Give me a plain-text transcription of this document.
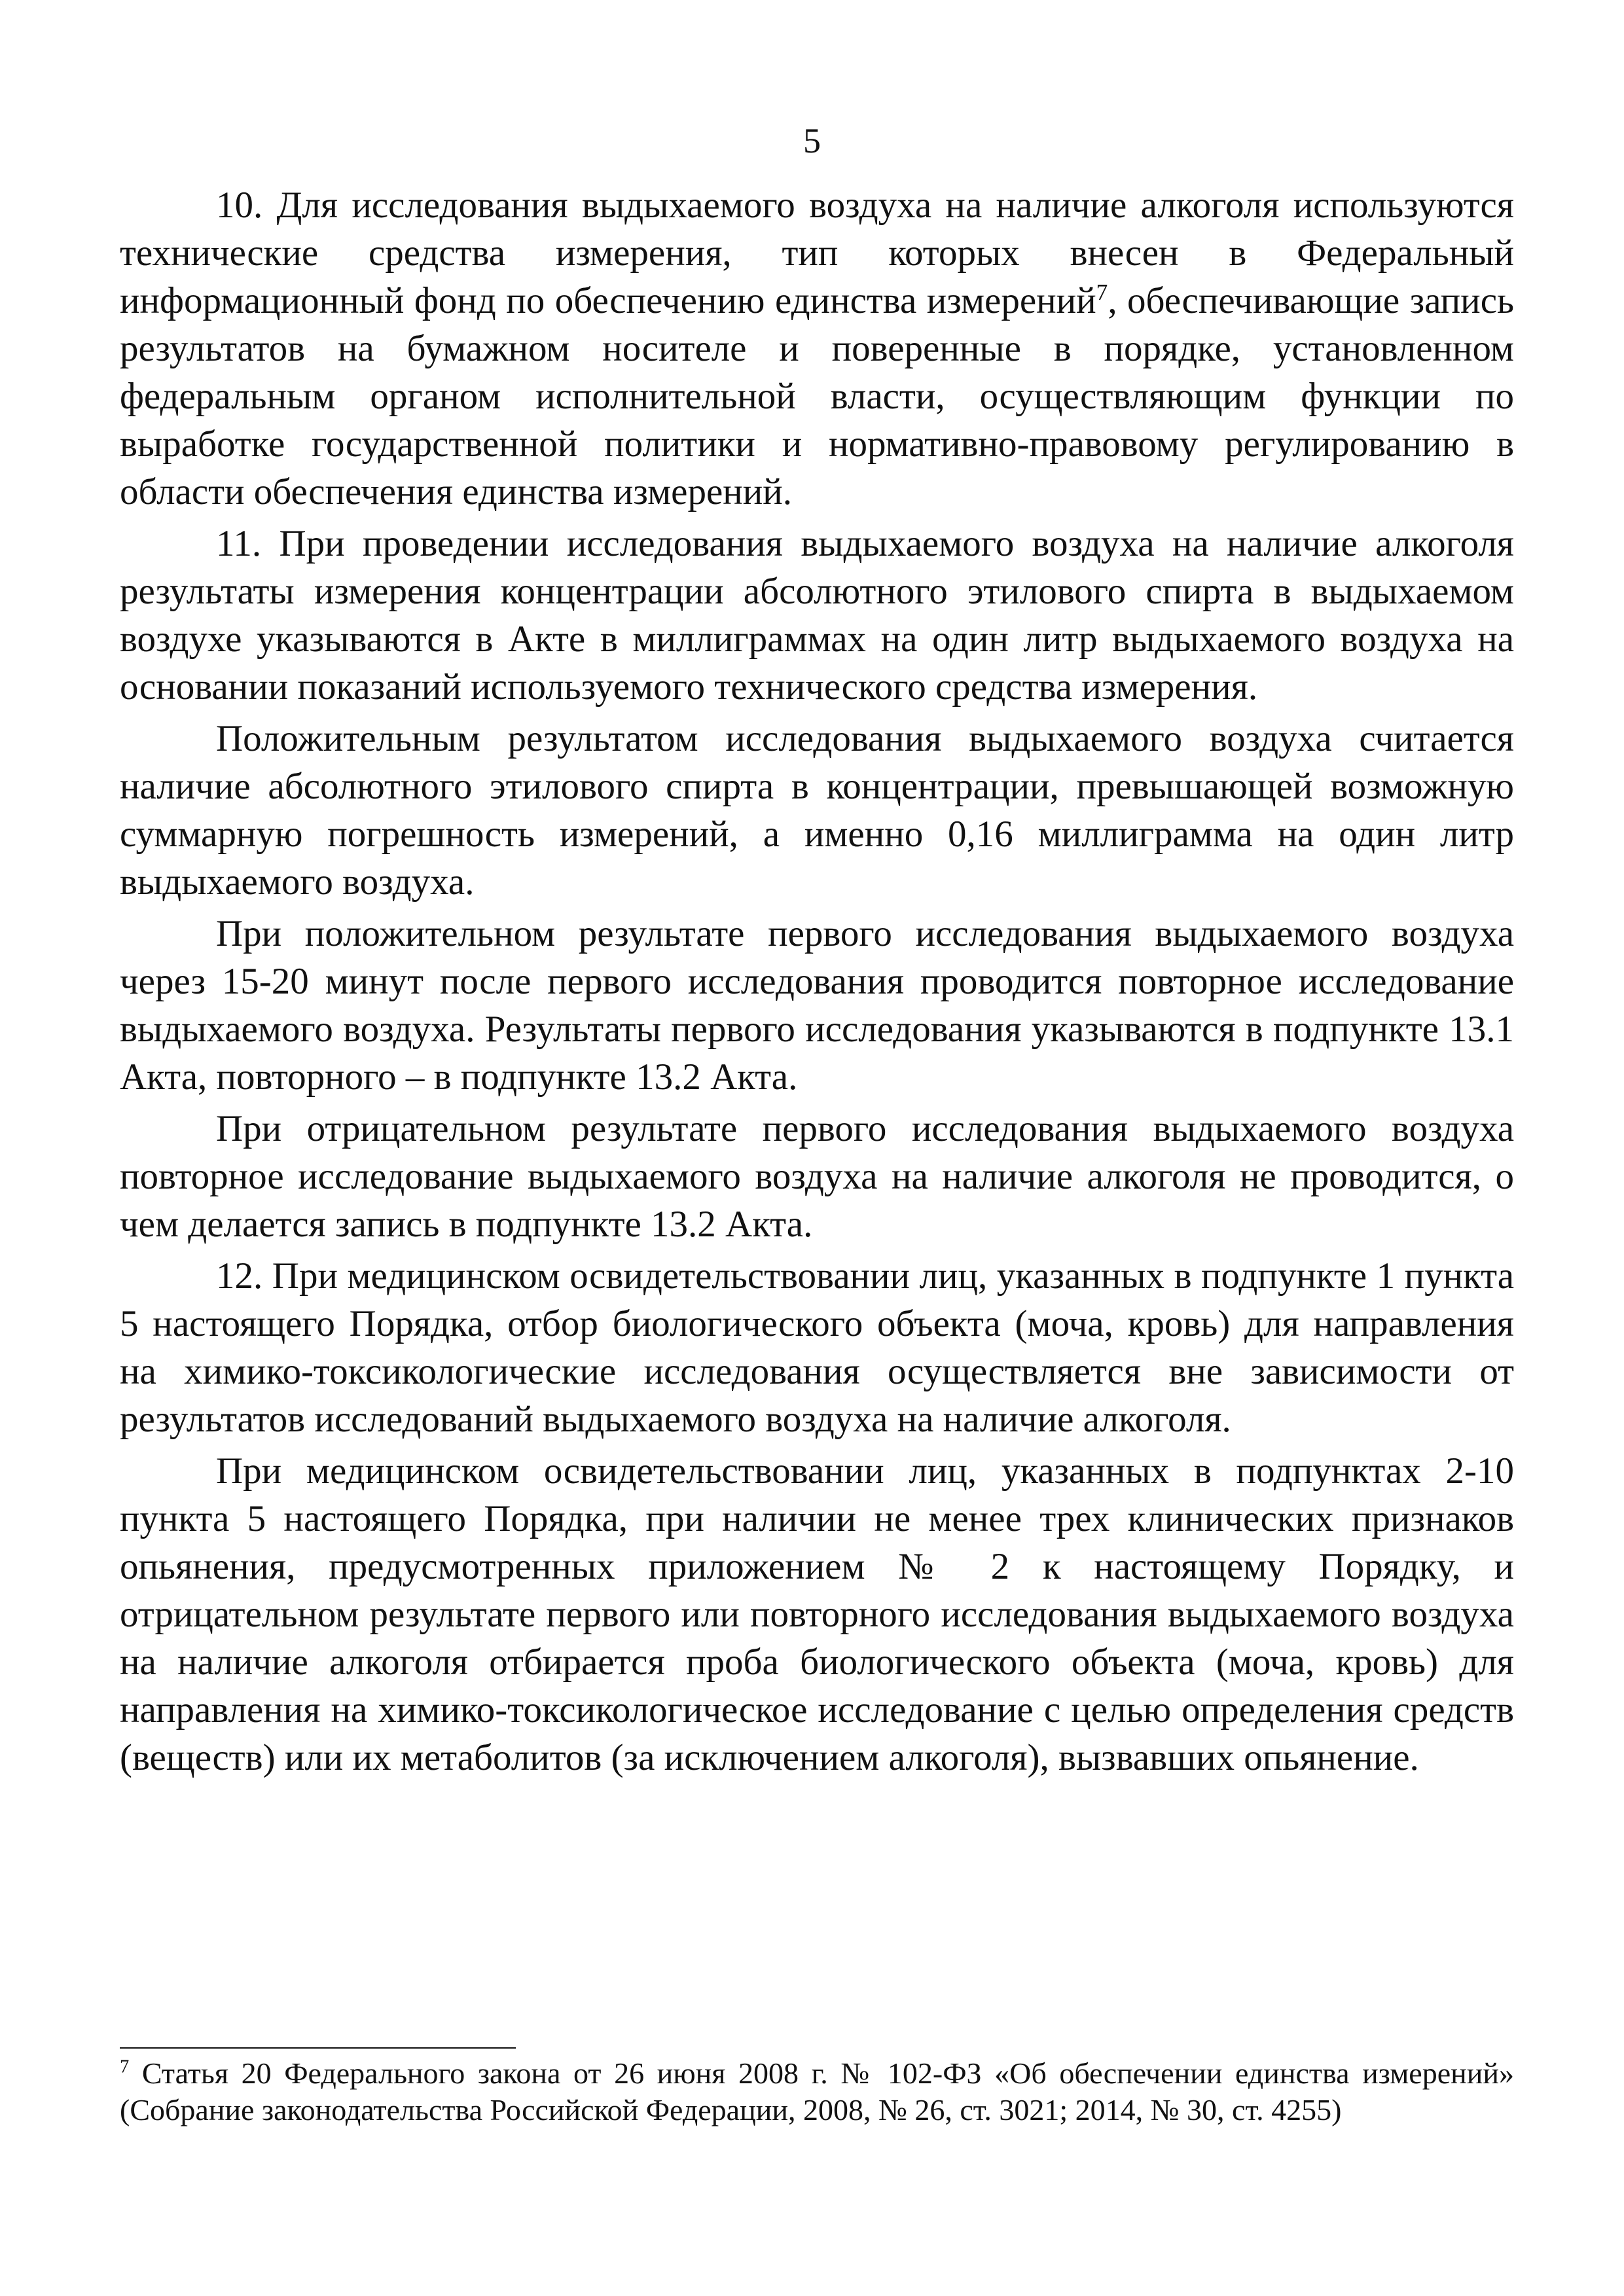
5

10. Для исследования выдыхаемого воздуха на наличие алкоголя используются технические средства измерения, тип которых внесен в Федеральный информационный фонд по обеспечению единства измерений$^7$, обеспечивающие запись результатов на бумажном носителе и поверенные в порядке, установленном федеральным органом исполнительной власти, осуществляющим функции по выработке государственной политики и нормативно-правовому регулированию в области обеспечения единства измерений.

11. При проведении исследования выдыхаемого воздуха на наличие алкоголя результаты измерения концентрации абсолютного этилового спирта в выдыхаемом воздухе указываются в Акте в миллиграммах на один литр выдыхаемого воздуха на основании показаний используемого технического средства измерения.

Положительным результатом исследования выдыхаемого воздуха считается наличие абсолютного этилового спирта в концентрации, превышающей возможную суммарную погрешность измерений, а именно 0,16 миллиграмма на один литр выдыхаемого воздуха.

При положительном результате первого исследования выдыхаемого воздуха через 15-20 минут после первого исследования проводится повторное исследование выдыхаемого воздуха. Результаты первого исследования указываются в подпункте 13.1 Акта, повторного – в подпункте 13.2 Акта.

При отрицательном результате первого исследования выдыхаемого воздуха повторное исследование выдыхаемого воздуха на наличие алкоголя не проводится, о чем делается запись в подпункте 13.2 Акта.

12. При медицинском освидетельствовании лиц, указанных в подпункте 1 пункта 5 настоящего Порядка, отбор биологического объекта (моча, кровь) для направления на химико-токсикологические исследования осуществляется вне зависимости от результатов исследований выдыхаемого воздуха на наличие алкоголя.

При медицинском освидетельствовании лиц, указанных в подпунктах 2-10 пункта 5 настоящего Порядка, при наличии не менее трех клинических признаков опьянения, предусмотренных приложением № 2 к настоящему Порядку, и отрицательном результате первого или повторного исследования выдыхаемого воздуха на наличие алкоголя отбирается проба биологического объекта (моча, кровь) для направления на химико-токсикологическое исследование с целью определения средств (веществ) или их метаболитов (за исключением алкоголя), вызвавших опьянение.

$^7$ Статья 20 Федерального закона от 26 июня 2008 г. № 102-ФЗ «Об обеспечении единства измерений» (Собрание законодательства Российской Федерации, 2008, № 26, ст. 3021; 2014, № 30, ст. 4255)
